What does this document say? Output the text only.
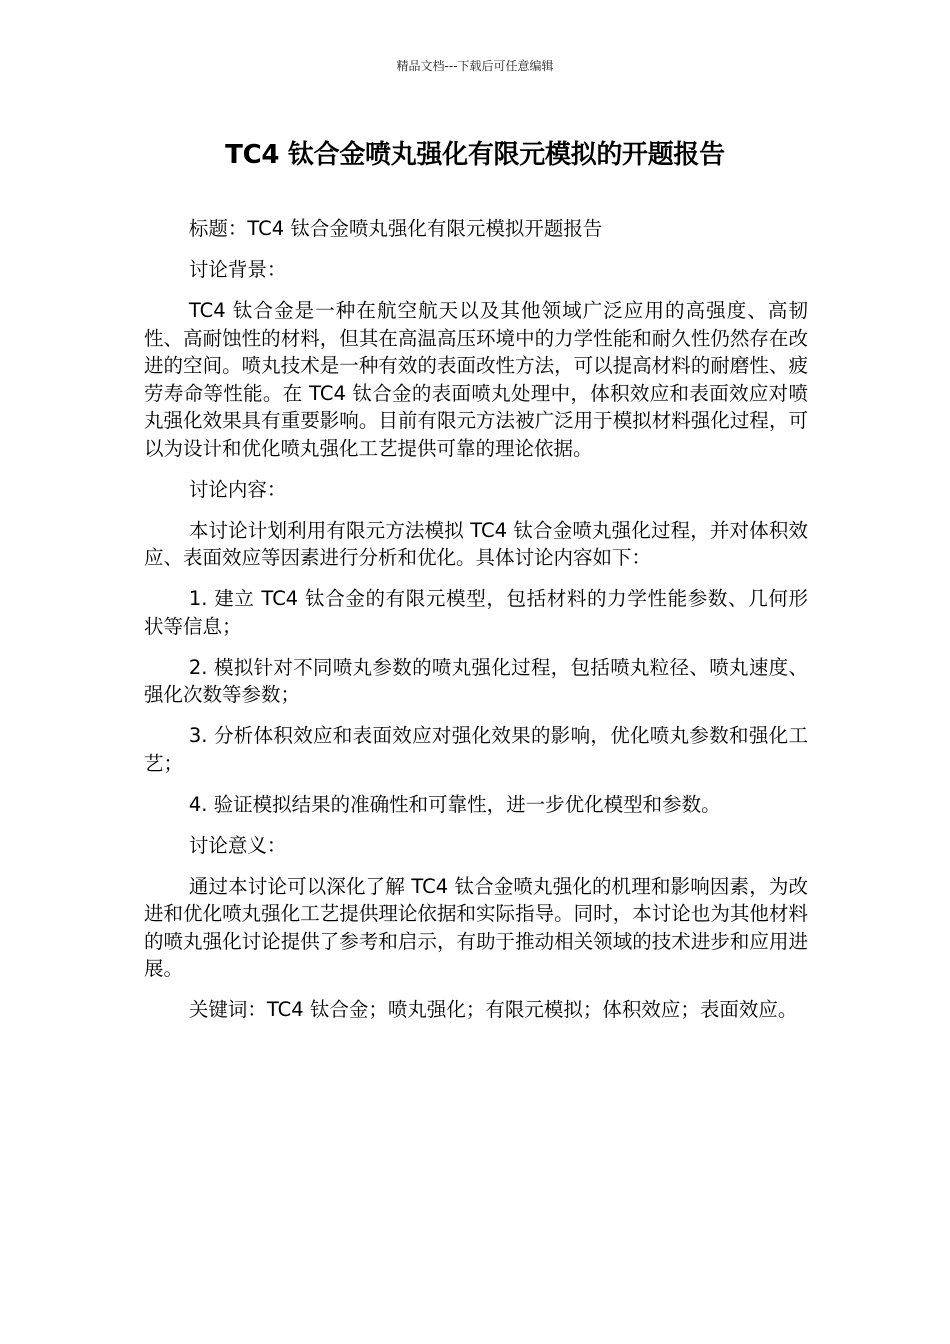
精品文档---下载后可任意编辑
TC4 钛合金喷丸强化有限元模拟的开题报告

标题：TC4 钛合金喷丸强化有限元模拟开题报告

讨论背景：

TC4 钛合金是一种在航空航天以及其他领域广泛应用的高强度、高韧性、高耐蚀性的材料，但其在高温高压环境中的力学性能和耐久性仍然存在改进的空间。喷丸技术是一种有效的表面改性方法，可以提高材料的耐磨性、疲劳寿命等性能。在 TC4 钛合金的表面喷丸处理中，体积效应和表面效应对喷丸强化效果具有重要影响。目前有限元方法被广泛用于模拟材料强化过程，可以为设计和优化喷丸强化工艺提供可靠的理论依据。

讨论内容：

本讨论计划利用有限元方法模拟 TC4 钛合金喷丸强化过程，并对体积效应、表面效应等因素进行分析和优化。具体讨论内容如下：

1. 建立 TC4 钛合金的有限元模型，包括材料的力学性能参数、几何形状等信息；

2. 模拟针对不同喷丸参数的喷丸强化过程，包括喷丸粒径、喷丸速度、强化次数等参数；

3. 分析体积效应和表面效应对强化效果的影响，优化喷丸参数和强化工艺；

4. 验证模拟结果的准确性和可靠性，进一步优化模型和参数。

讨论意义：

通过本讨论可以深化了解 TC4 钛合金喷丸强化的机理和影响因素，为改进和优化喷丸强化工艺提供理论依据和实际指导。同时，本讨论也为其他材料的喷丸强化讨论提供了参考和启示，有助于推动相关领域的技术进步和应用进展。

关键词：TC4 钛合金；喷丸强化；有限元模拟；体积效应；表面效应。
